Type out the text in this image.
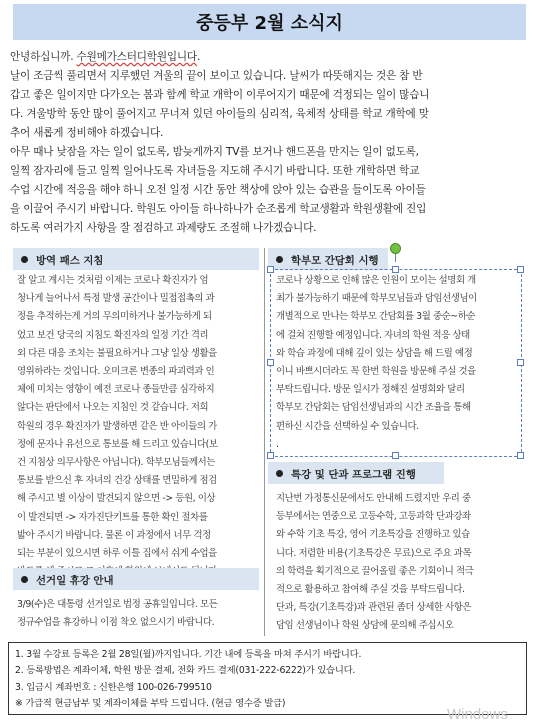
중등부 2월 소식지

안녕하십니까. 수원메가스터디학원입니다.

날이 조금씩 풀리면서 지루했던 겨울의 끝이 보이고 있습니다. 날씨가 따뜻해지는 것은 참 반

갑고 좋은 일이지만 다가오는 봄과 함께 학교 개학이 이루어지기 때문에 걱정되는 일이 많습니

다. 겨울방학 동안 많이 풀어지고 무너져 있던 아이들의 심리적, 육체적 상태를 학교 개학에 맞

추어 새롭게 정비해야 하겠습니다.

아무 때나 낮잠을 자는 일이 없도록, 밤늦게까지 TV를 보거나 핸드폰을 만지는 일이 없도록,

일찍 잠자리에 들고 일찍 일어나도록 자녀들을 지도해 주시기 바랍니다. 또한 개학하면 학교

수업 시간에 적응을 해야 하니 오전 일정 시간 동안 책상에 앉아 있는 습관을 들이도록 아이들

을 이끌어 주시기 바랍니다. 학원도 아이들 하나하나가 순조롭게 학교생활과 학원생활에 진입

하도록 여러가지 사항을 잘 점검하고 과제량도 조절해 나가겠습니다.

방역 패스 지침

잘 알고 계시는 것처럼 이제는 코로나 확진자가 엄

청나게 늘어나서 특정 발생 공간이나 밀접접촉의 과

정을 추적하는게 거의 무의미하거나 불가능하게 되

었고 보건 당국의 지침도 확진자의 일정 기간 격리

외 다른 대응 조치는 불필요하거나 그냥 일상 생활을

영위하라는 것입니다. 오미크론 변종의 파괴력과 인

체에 미치는 영향이 예전 코로나 종들만큼 심각하지

않다는 판단에서 나오는 지침인 것 같습니다. 저희

학원의 경우 확진자가 발생하면 같은 반 아이들의 가

정에 문자나 유선으로 통보를 해 드리고 있습니다(보

건 지침상 의무사항은 아닙니다). 학부모님들께서는

통보를 받으신 후 자녀의 건강 상태를 면밀하게 점검

해 주시고 별 이상이 발견되지 않으면 -> 등원, 이상

이 발견되면 -> 자가진단키트를 통한 확인 절차를

밟아 주시기 바랍니다. 물론 이 과정에서 너무 걱정

되는 부분이 있으시면 하루 이틀 집에서 쉬게 수업을

선거일 휴강 안내

3/9(수)은 대통령 선거일로 법정 공휴일입니다. 모든

정규수업을 휴강하니 이점 착오 없으시기 바랍니다.

학부모 간담회 시행

코로나 상황으로 인해 많은 인원이 모이는 설명회 개

최가 불가능하기 때문에 학부모님들과 담임선생님이

개별적으로 만나는 학부모 간담회를 3월 중순~하순

에 걸쳐 진행할 예정입니다. 자녀의 학원 적응 상태

와 학습 과정에 대해 깊이 있는 상담을 해 드릴 예정

이니 바쁘시더라도 꼭 한번 학원을 방문해 주실 것을

부탁드립니다. 방문 일시가 정해진 설명회와 달리

학부모 간담회는 담임선생님과의 시간 조율을 통해

편하신 시간을 선택하실 수 있습니다.

.

특강 및 단과 프로그램 진행

지난번 가정통신문에서도 안내해 드렸지만 우리 중

등부에서는 연중으로 고등수학, 고등과학 단과강좌

와 수학 기초 특강, 영어 기초특강을 진행하고 있습

니다. 저렴한 비용(기초특강은 무료)으로 주요 과목

의 학력을 획기적으로 끌어올릴 좋은 기회이니 적극

적으로 활용하고 참여해 주실 것을 부탁드립니다.

단과, 특강(기초특강)과 관련된 좀더 상세한 사항은

담임 선생님이나 학원 상담에 문의해 주십시오

1. 3월 수강료 등록은 2월 28일(월)까지입니다. 기간 내에 등록을 마쳐 주시기 바랍니다.

2. 등록방법은 계좌이체, 학원 방문 결제, 전화 카드 결제(031-222-6222)가 있습니다.

3. 입금시 계좌번호 : 신한은행 100-026-799510

※ 가급적 현금납부 및 계좌이체를 부탁 드립니다. (현금 영수증 발급)

Windows
